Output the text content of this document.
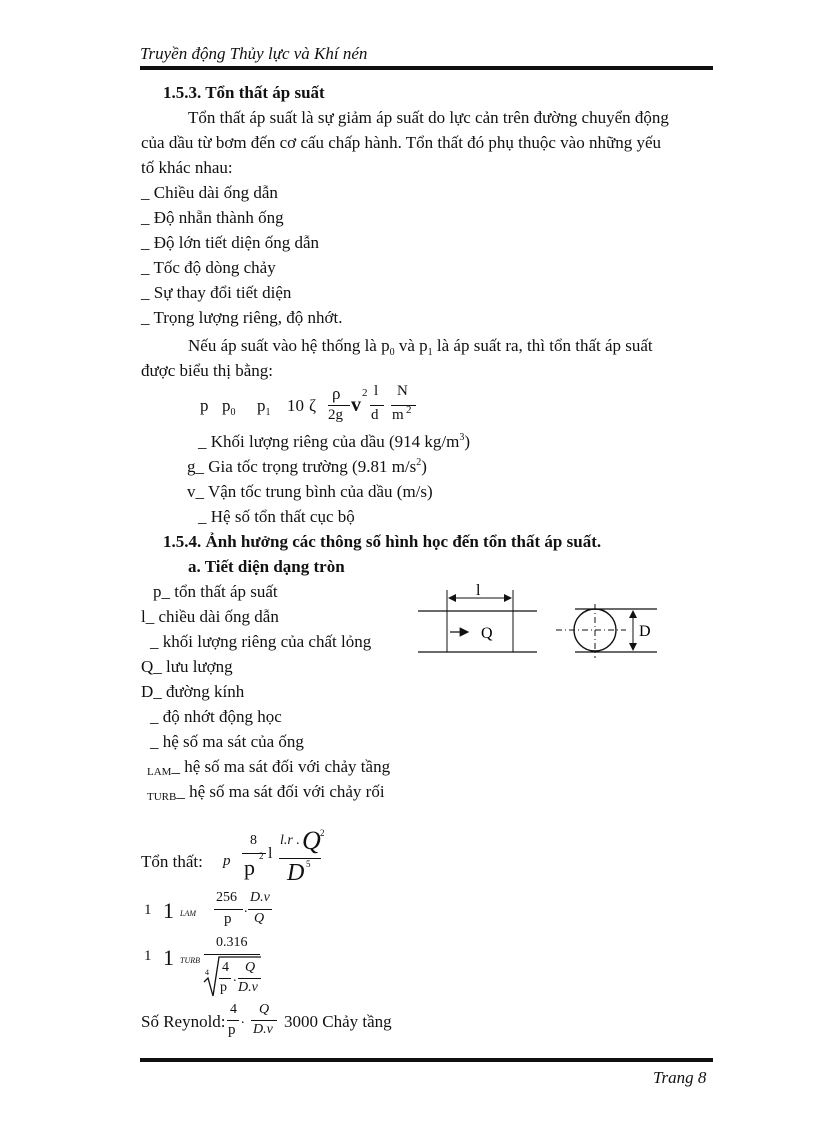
Truyền động Thủy lực và Khí nén
1.5.3. Tổn thất áp suất
Tổn thất áp suất là sự giảm áp suất do lực cản trên đường chuyển động
của dầu từ bơm đến cơ cấu chấp hành. Tổn thất đó phụ thuộc vào những yếu
tố khác nhau:
_ Chiều dài ống dẫn
_ Độ nhẵn thành ống
_ Độ lớn tiết diện ống dẫn
_ Tốc độ dòng chảy
_ Sự thay đổi tiết diện
_ Trọng lượng riêng, độ nhớt.
Nếu áp suất vào hệ thống là $p_0$ và $p_1$ là áp suất ra, thì tổn thất áp suất
được biểu thị bằng:
p $p_0$ $p_1$ 10 ζ
ρ
2g v
2 l
d
N
m 2
_ Khối lượng riêng của dầu (914 $kg/m^3$)
g_ Gia tốc trọng trường (9.81 $m/s^2$)
v_ Vận tốc trung bình của dầu (m/s)
_ Hệ số tổn thất cục bộ
1.5.4. Ảnh hưởng các thông số hình học đến tổn thất áp suất.
a. Tiết diện dạng tròn
p_ tổn thất áp suất
l_ chiều dài ống dẫn
_ khối lượng riêng của chất lỏng
Q_ lưu lượng
D_ đường kính
_ độ nhớt động học
_ hệ số ma sát của ống
LAM_ hệ số ma sát đối với chảy tầng
TURB_ hệ số ma sát đối với chảy rối
l
Q	D
Tổn thất: p
8
p 2 l
l.r . Q 2
D 5
1 1 LAM
256
p
.
D.v
Q
1 1 TURB
0.316
4 4
p
.
Q
D.v
Số Reynold:
4
p
.
Q
D.v 3000 Chảy tầng
Trang 8
